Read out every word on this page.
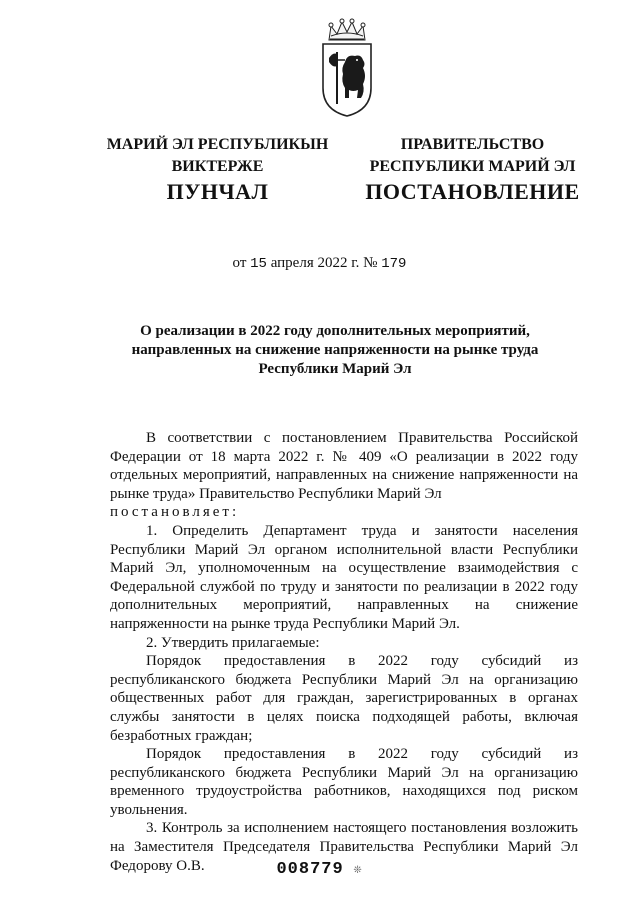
МАРИЙ ЭЛ РЕСПУБЛИКЫН
ВИКТЕРЖЕ
ПРАВИТЕЛЬСТВО
РЕСПУБЛИКИ МАРИЙ ЭЛ
ПУНЧАЛ	ПОСТАНОВЛЕНИЕ
от 15 апреля 2022 г. № 179
О реализации в 2022 году дополнительных мероприятий,
направленных на снижение напряженности на рынке труда
Республики Марий Эл

В соответствии с постановлением Правительства Российской Федерации от 18 марта 2022 г. № 409 «О реализации в 2022 году отдельных мероприятий, направленных на снижение напряженности на рынке труда» Правительство Республики Марий Эл

постановляет:

1. Определить Департамент труда и занятости населения Республики Марий Эл органом исполнительной власти Республики Марий Эл, уполномоченным на осуществление взаимодействия с Федеральной службой по труду и занятости по реализации в 2022 году дополнительных мероприятий, направленных на снижение напряженности на рынке труда Республики Марий Эл.

2. Утвердить прилагаемые:

Порядок предоставления в 2022 году субсидий из республиканского бюджета Республики Марий Эл на организацию общественных работ для граждан, зарегистрированных в органах службы занятости в целях поиска подходящей работы, включая безработных граждан;

Порядок предоставления в 2022 году субсидий из республиканского бюджета Республики Марий Эл на организацию временного трудоустройства работников, находящихся под риском увольнения.

3. Контроль за исполнением настоящего постановления возложить на Заместителя Председателя Правительства Республики Марий Эл Федорову О.В.	008779 ❊
